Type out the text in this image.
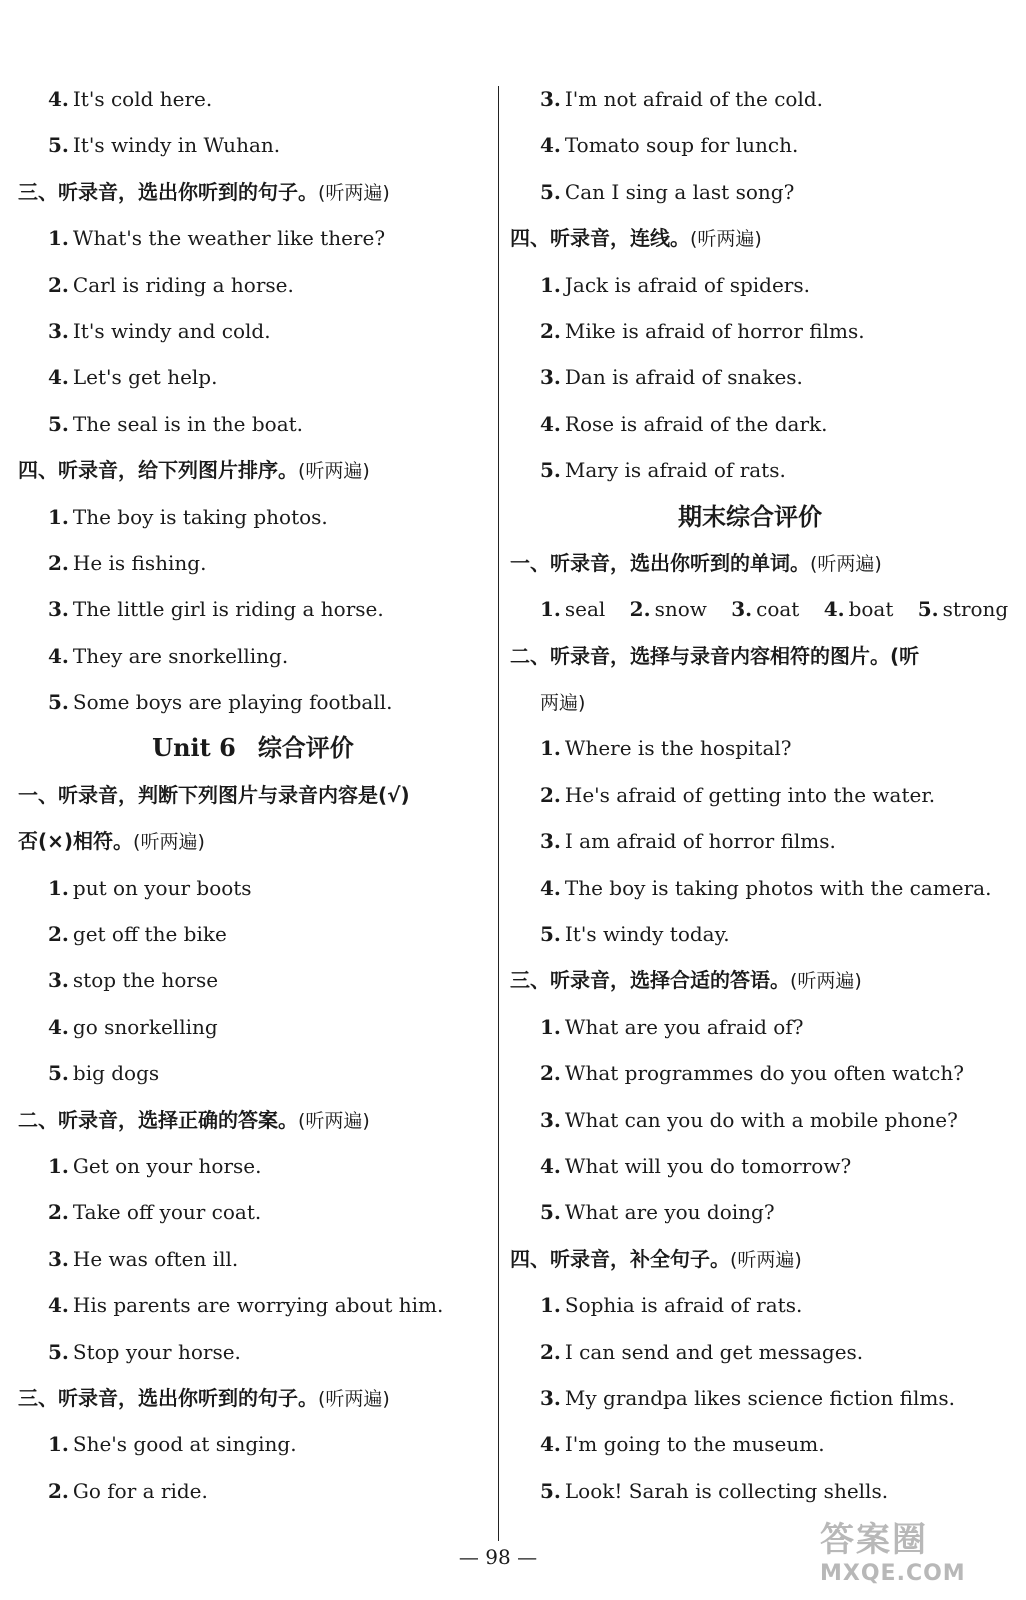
4. It's cold here.
5. It's windy in Wuhan.
三、听录音，选出你听到的句子。(听两遍)
1. What's the weather like there?
2. Carl is riding a horse.
3. It's windy and cold.
4. Let's get help.
5. The seal is in the boat.
四、听录音，给下列图片排序。(听两遍)
1. The boy is taking photos.
2. He is fishing.
3. The little girl is riding a horse.
4. They are snorkelling.
5. Some boys are playing football.
Unit 6 综合评价
一、听录音，判断下列图片与录音内容是(√)
否(×)相符。(听两遍)
1. put on your boots
2. get off the bike
3. stop the horse
4. go snorkelling
5. big dogs
二、听录音，选择正确的答案。(听两遍)
1. Get on your horse.
2. Take off your coat.
3. He was often ill.
4. His parents are worrying about him.
5. Stop your horse.
三、听录音，选出你听到的句子。(听两遍)
1. She's good at singing.
2. Go for a ride.
3. I'm not afraid of the cold.
4. Tomato soup for lunch.
5. Can I sing a last song?
四、听录音，连线。(听两遍)
1. Jack is afraid of spiders.
2. Mike is afraid of horror films.
3. Dan is afraid of snakes.
4. Rose is afraid of the dark.
5. Mary is afraid of rats.
期末综合评价
一、听录音，选出你听到的单词。(听两遍)
1. seal 2. snow 3. coat 4. boat 5. strong
二、听录音，选择与录音内容相符的图片。(听
两遍)
1. Where is the hospital?
2. He's afraid of getting into the water.
3. I am afraid of horror films.
4. The boy is taking photos with the camera.
5. It's windy today.
三、听录音，选择合适的答语。(听两遍)
1. What are you afraid of?
2. What programmes do you often watch?
3. What can you do with a mobile phone?
4. What will you do tomorrow?
5. What are you doing?
四、听录音，补全句子。(听两遍)
1. Sophia is afraid of rats.
2. I can send and get messages.
3. My grandpa likes science fiction films.
4. I'm going to the museum.
5. Look! Sarah is collecting shells.
— 98 —	答案圈
MXQE.COM
